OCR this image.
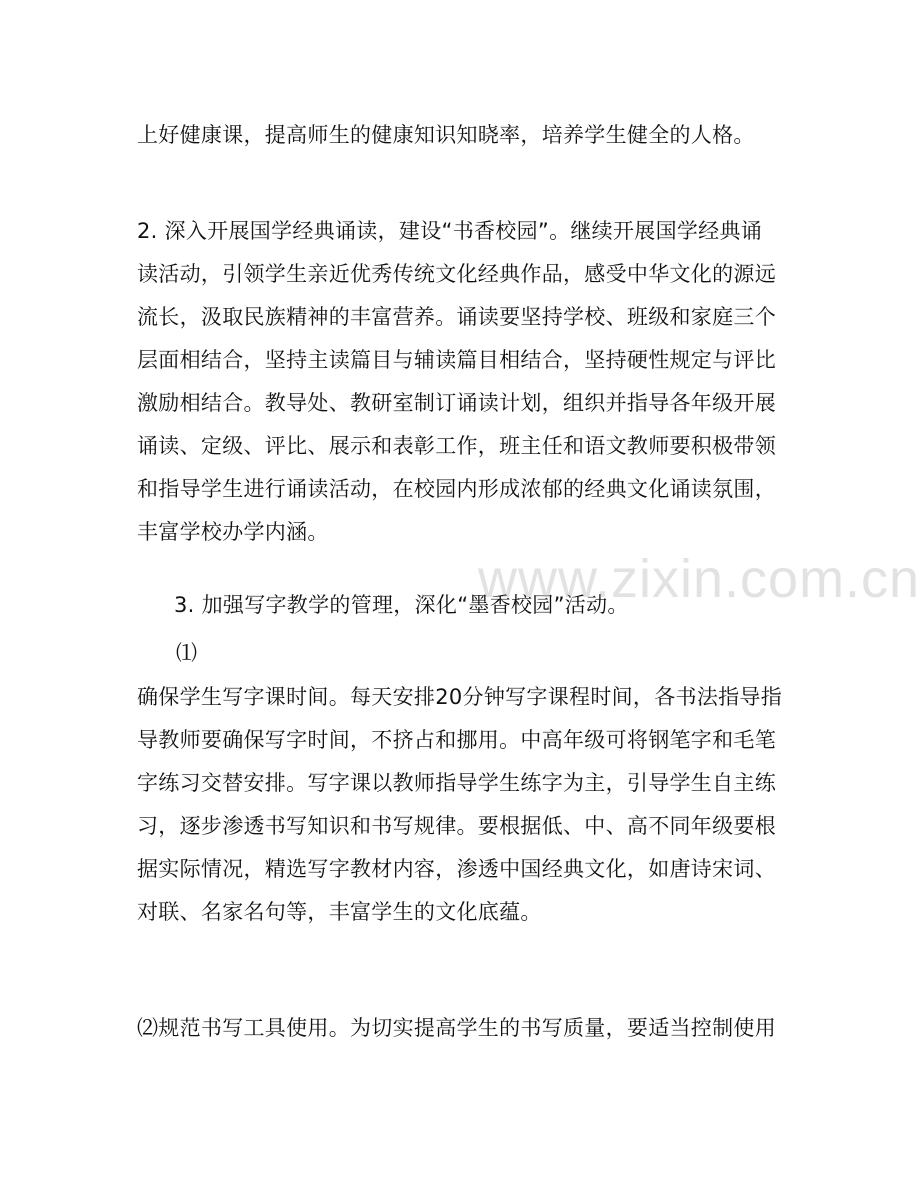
上好健康课，提高师生的健康知识知晓率，培养学生健全的人格。
2. 深入开展国学经典诵读，建设“书香校园”。继续开展国学经典诵
读活动，引领学生亲近优秀传统文化经典作品，感受中华文化的源远
流长，汲取民族精神的丰富营养。诵读要坚持学校、班级和家庭三个
层面相结合，坚持主读篇目与辅读篇目相结合，坚持硬性规定与评比
激励相结合。教导处、教研室制订诵读计划，组织并指导各年级开展
诵读、定级、评比、展示和表彰工作，班主任和语文教师要积极带领
和指导学生进行诵读活动，在校园内形成浓郁的经典文化诵读氛围，
丰富学校办学内涵。
3. 加强写字教学的管理，深化“墨香校园”活动。
⑴
确保学生写字课时间。每天安排20分钟写字课程时间，各书法指导指
导教师要确保写字时间，不挤占和挪用。中高年级可将钢笔字和毛笔
字练习交替安排。写字课以教师指导学生练字为主，引导学生自主练
习，逐步渗透书写知识和书写规律。要根据低、中、高不同年级要根
据实际情况，精选写字教材内容，渗透中国经典文化，如唐诗宋词、
对联、名家名句等，丰富学生的文化底蕴。
⑵规范书写工具使用。为切实提高学生的书写质量，要适当控制使用
www.zixin.com.cn
